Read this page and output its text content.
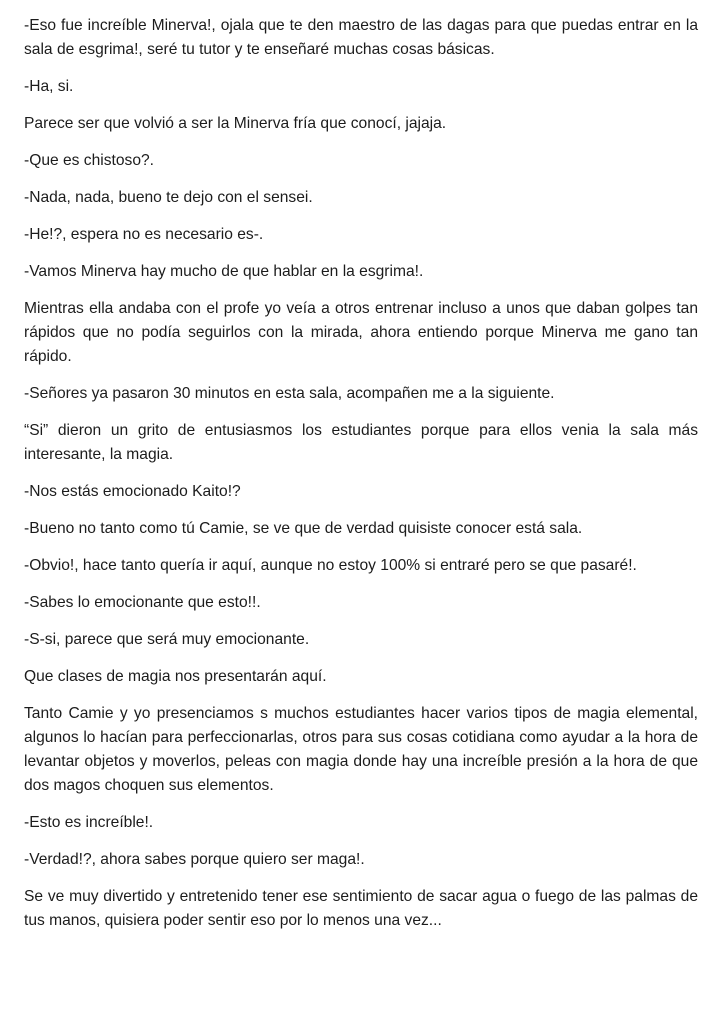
-Eso fue increíble Minerva!, ojala que te den maestro de las dagas para que puedas entrar en la sala de esgrima!, seré tu tutor y te enseñaré muchas cosas básicas.

-Ha, si.

Parece ser que volvió a ser la Minerva fría que conocí, jajaja.

-Que es chistoso?.

-Nada, nada, bueno te dejo con el sensei.

-He!?, espera no es necesario es-.

-Vamos Minerva hay mucho de que hablar en la esgrima!.

Mientras ella andaba con el profe yo veía a otros entrenar incluso a unos que daban golpes tan rápidos que no podía seguirlos con la mirada, ahora entiendo porque Minerva me gano tan rápido.

-Señores ya pasaron 30 minutos en esta sala, acompañen me a la siguiente.

“Si” dieron un grito de entusiasmos los estudiantes porque para ellos venia la sala más interesante, la magia.

-Nos estás emocionado Kaito!?

-Bueno no tanto como tú Camie, se ve que de verdad quisiste conocer está sala.

-Obvio!, hace tanto quería ir aquí, aunque no estoy 100% si entraré pero se que pasaré!.

-Sabes lo emocionante que esto!!.

-S-si, parece que será muy emocionante.

Que clases de magia nos presentarán aquí.

Tanto Camie y yo presenciamos s muchos estudiantes hacer varios tipos de magia elemental, algunos lo hacían para perfeccionarlas, otros para sus cosas cotidiana como ayudar a la hora de levantar objetos y moverlos, peleas con magia donde hay una increíble presión a la hora de que dos magos choquen sus elementos.

-Esto es increíble!.

-Verdad!?, ahora sabes porque quiero ser maga!.

Se ve muy divertido y entretenido tener ese sentimiento de sacar agua o fuego de las palmas de tus manos, quisiera poder sentir eso por lo menos una vez...
